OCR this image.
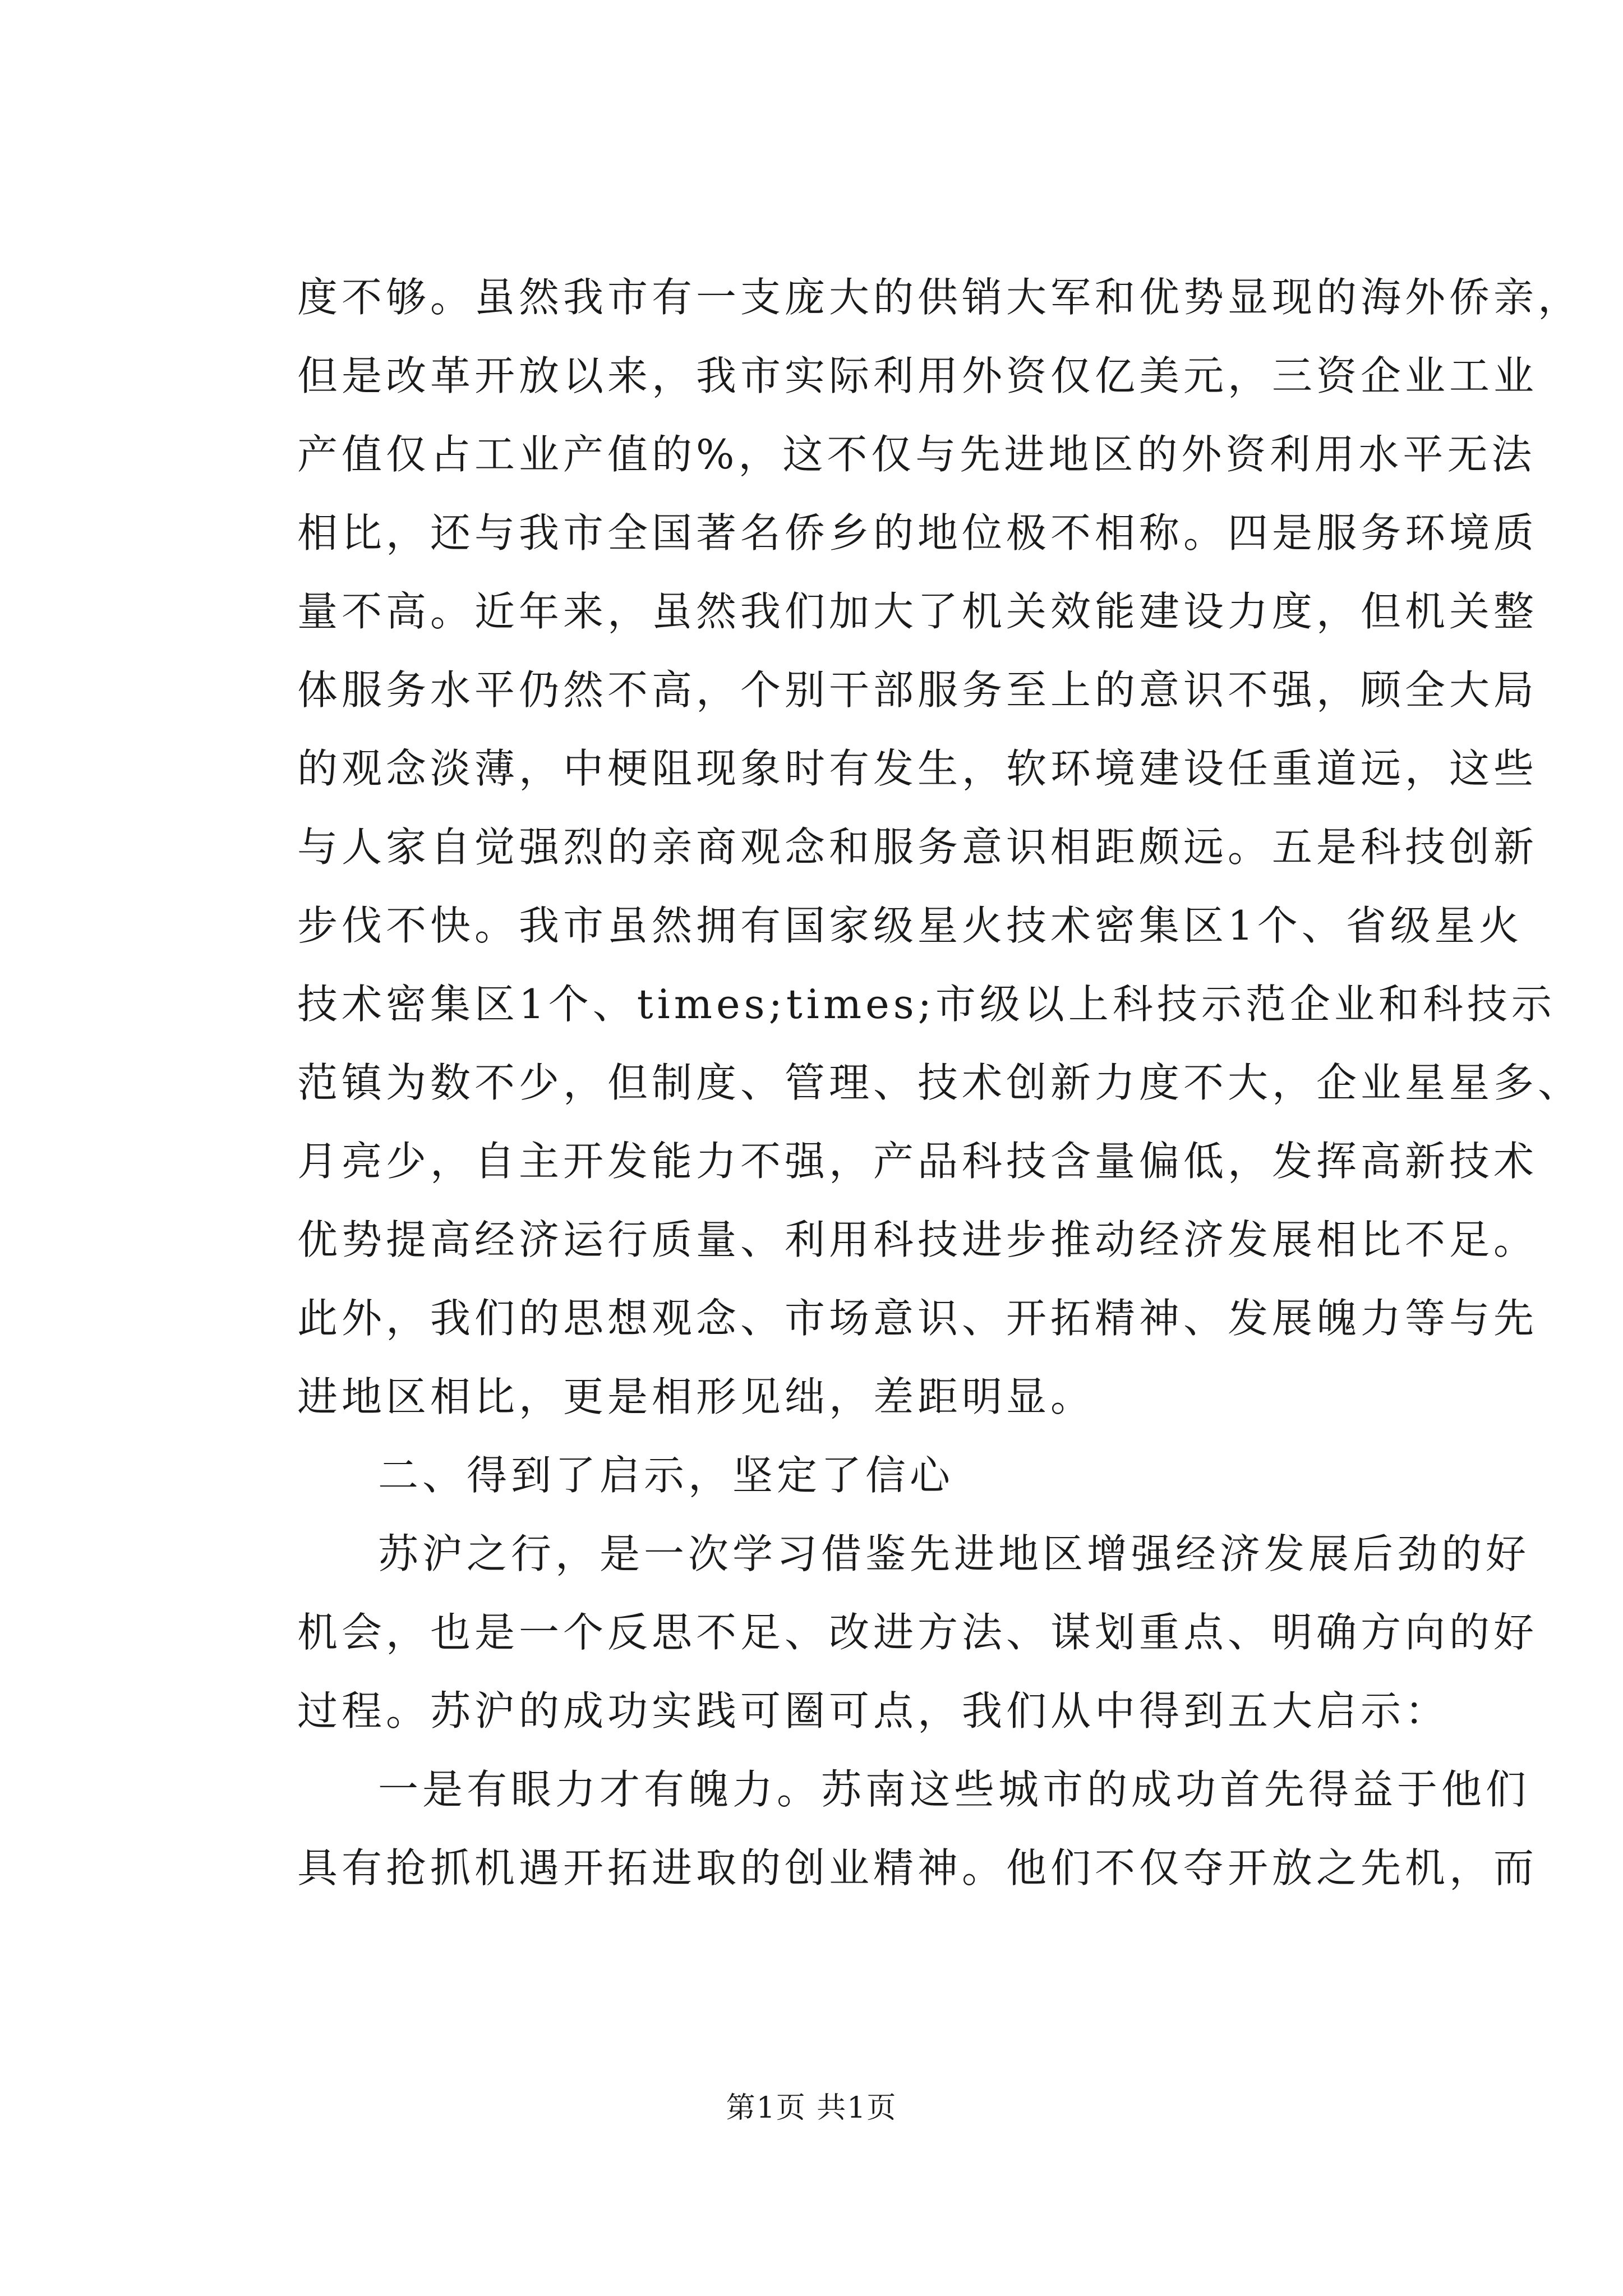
度不够。虽然我市有一支庞大的供销大军和优势显现的海外侨亲，
但是改革开放以来，我市实际利用外资仅亿美元，三资企业工业
产值仅占工业产值的%，这不仅与先进地区的外资利用水平无法
相比，还与我市全国著名侨乡的地位极不相称。四是服务环境质
量不高。近年来，虽然我们加大了机关效能建设力度，但机关整
体服务水平仍然不高，个别干部服务至上的意识不强，顾全大局
的观念淡薄，中梗阻现象时有发生，软环境建设任重道远，这些
与人家自觉强烈的亲商观念和服务意识相距颇远。五是科技创新
步伐不快。我市虽然拥有国家级星火技术密集区1个、省级星火
技术密集区1个、times;times;市级以上科技示范企业和科技示
范镇为数不少，但制度、管理、技术创新力度不大，企业星星多、
月亮少，自主开发能力不强，产品科技含量偏低，发挥高新技术
优势提高经济运行质量、利用科技进步推动经济发展相比不足。
此外，我们的思想观念、市场意识、开拓精神、发展魄力等与先
进地区相比，更是相形见绌，差距明显。
二、得到了启示，坚定了信心
苏沪之行，是一次学习借鉴先进地区增强经济发展后劲的好
机会，也是一个反思不足、改进方法、谋划重点、明确方向的好
过程。苏沪的成功实践可圈可点，我们从中得到五大启示：
一是有眼力才有魄力。苏南这些城市的成功首先得益于他们
具有抢抓机遇开拓进取的创业精神。他们不仅夺开放之先机，而
第1页 共1页
